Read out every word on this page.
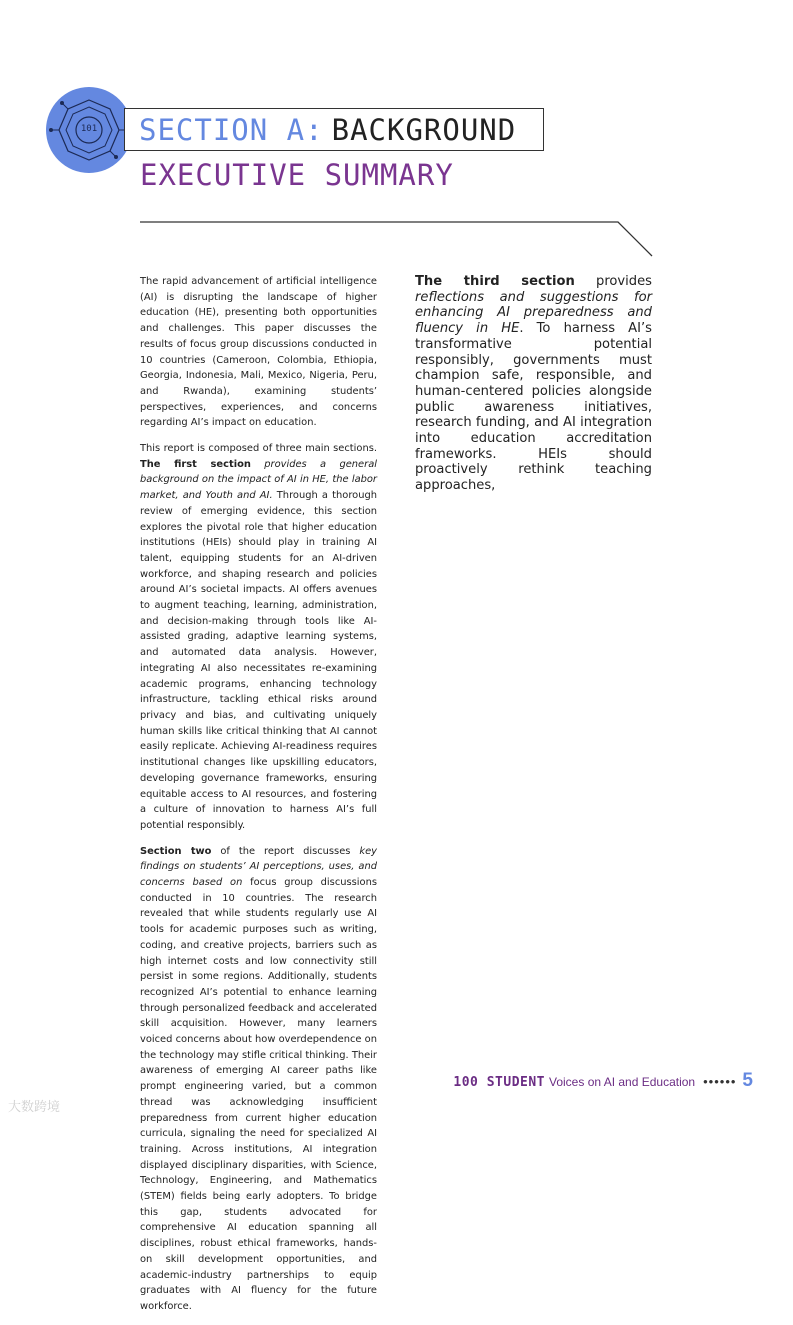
101	SECTION A: BACKGROUND
EXECUTIVE SUMMARY

The rapid advancement of artificial intelligence (AI) is disrupting the landscape of higher education (HE), presenting both opportunities and challenges. This paper discusses the results of focus group discussions conducted in 10 countries (Cameroon, Colombia, Ethiopia, Georgia, Indonesia, Mali, Mexico, Nigeria, Peru, and Rwanda), examining students’ perspectives, experiences, and concerns regarding AI’s impact on education.

This report is composed of three main sections. The first section provides a general background on the impact of AI in HE, the labor market, and Youth and AI. Through a thorough review of emerging evidence, this section explores the pivotal role that higher education institutions (HEIs) should play in training AI talent, equipping students for an AI-driven workforce, and shaping research and policies around AI’s societal impacts. AI offers avenues to augment teaching, learning, administration, and decision-making through tools like AI-assisted grading, adaptive learning systems, and automated data analysis. However, integrating AI also necessitates re-examining academic programs, enhancing technology infrastructure, tackling ethical risks around privacy and bias, and cultivating uniquely human skills like critical thinking that AI cannot easily replicate. Achieving AI-readiness requires institutional changes like upskilling educators, developing governance frameworks, ensuring equitable access to AI resources, and fostering a culture of innovation to harness AI’s full potential responsibly.

Section two of the report discusses key findings on students’ AI perceptions, uses, and concerns based on focus group discussions conducted in 10 countries. The research revealed that while students regularly use AI tools for academic purposes such as writing, coding, and creative projects, barriers such as high internet costs and low connectivity still persist in some regions. Additionally, students recognized AI’s potential to enhance learning through personalized feedback and accelerated skill acquisition. However, many learners voiced concerns about how overdependence on the technology may stifle critical thinking. Their awareness of emerging AI career paths like prompt engineering varied, but a common thread was acknowledging insufficient preparedness from current higher education curricula, signaling the need for specialized AI training. Across institutions, AI integration displayed disciplinary disparities, with Science, Technology, Engineering, and Mathematics (STEM) fields being early adopters. To bridge this gap, students advocated for comprehensive AI education spanning all disciplines, robust ethical frameworks, hands-on skill development opportunities, and academic-industry partnerships to equip graduates with AI fluency for the future workforce.

The third section provides reflections and suggestions for enhancing AI preparedness and fluency in HE. To harness AI’s transformative potential responsibly, governments must champion safe, responsible, and human-centered policies alongside public awareness initiatives, research funding, and AI integration into education accreditation frameworks. HEIs should proactively rethink teaching approaches,

100 STUDENT Voices on AI and Education •••••• 5
大数跨境
